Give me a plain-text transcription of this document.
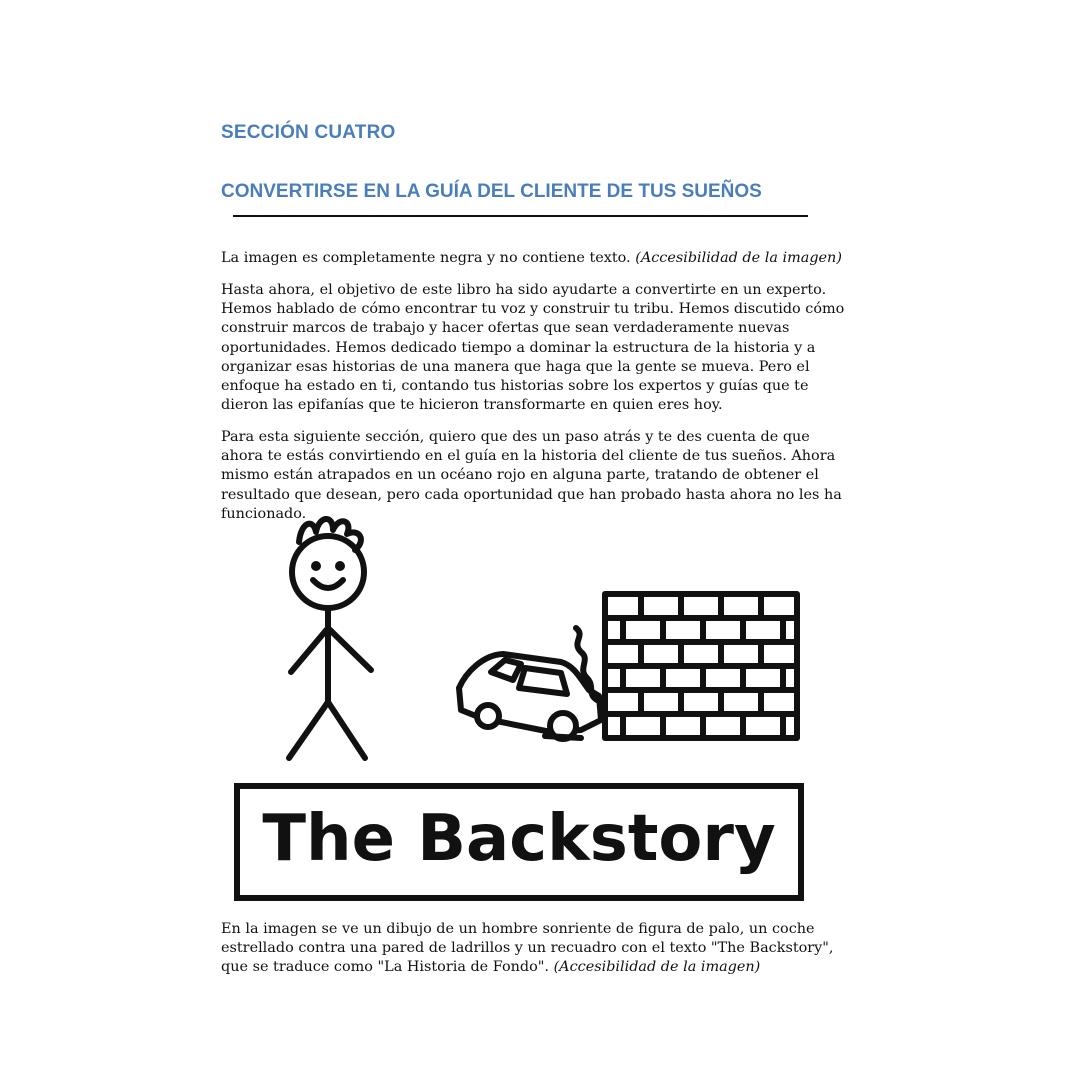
SECCIÓN CUATRO
CONVERTIRSE EN LA GUÍA DEL CLIENTE DE TUS SUEÑOS

La imagen es completamente negra y no contiene texto. (Accesibilidad de la imagen)

Hasta ahora, el objetivo de este libro ha sido ayudarte a convertirte en un experto. Hemos hablado de cómo encontrar tu voz y construir tu tribu. Hemos discutido cómo construir marcos de trabajo y hacer ofertas que sean verdaderamente nuevas oportunidades. Hemos dedicado tiempo a dominar la estructura de la historia y a organizar esas historias de una manera que haga que la gente se mueva. Pero el enfoque ha estado en ti, contando tus historias sobre los expertos y guías que te dieron las epifanías que te hicieron transformarte en quien eres hoy.

Para esta siguiente sección, quiero que des un paso atrás y te des cuenta de que ahora te estás convirtiendo en el guía en la historia del cliente de tus sueños. Ahora mismo están atrapados en un océano rojo en alguna parte, tratando de obtener el resultado que desean, pero cada oportunidad que han probado hasta ahora no les ha funcionado.

The Backstory

En la imagen se ve un dibujo de un hombre sonriente de figura de palo, un coche estrellado contra una pared de ladrillos y un recuadro con el texto "The Backstory", que se traduce como "La Historia de Fondo". (Accesibilidad de la imagen)
